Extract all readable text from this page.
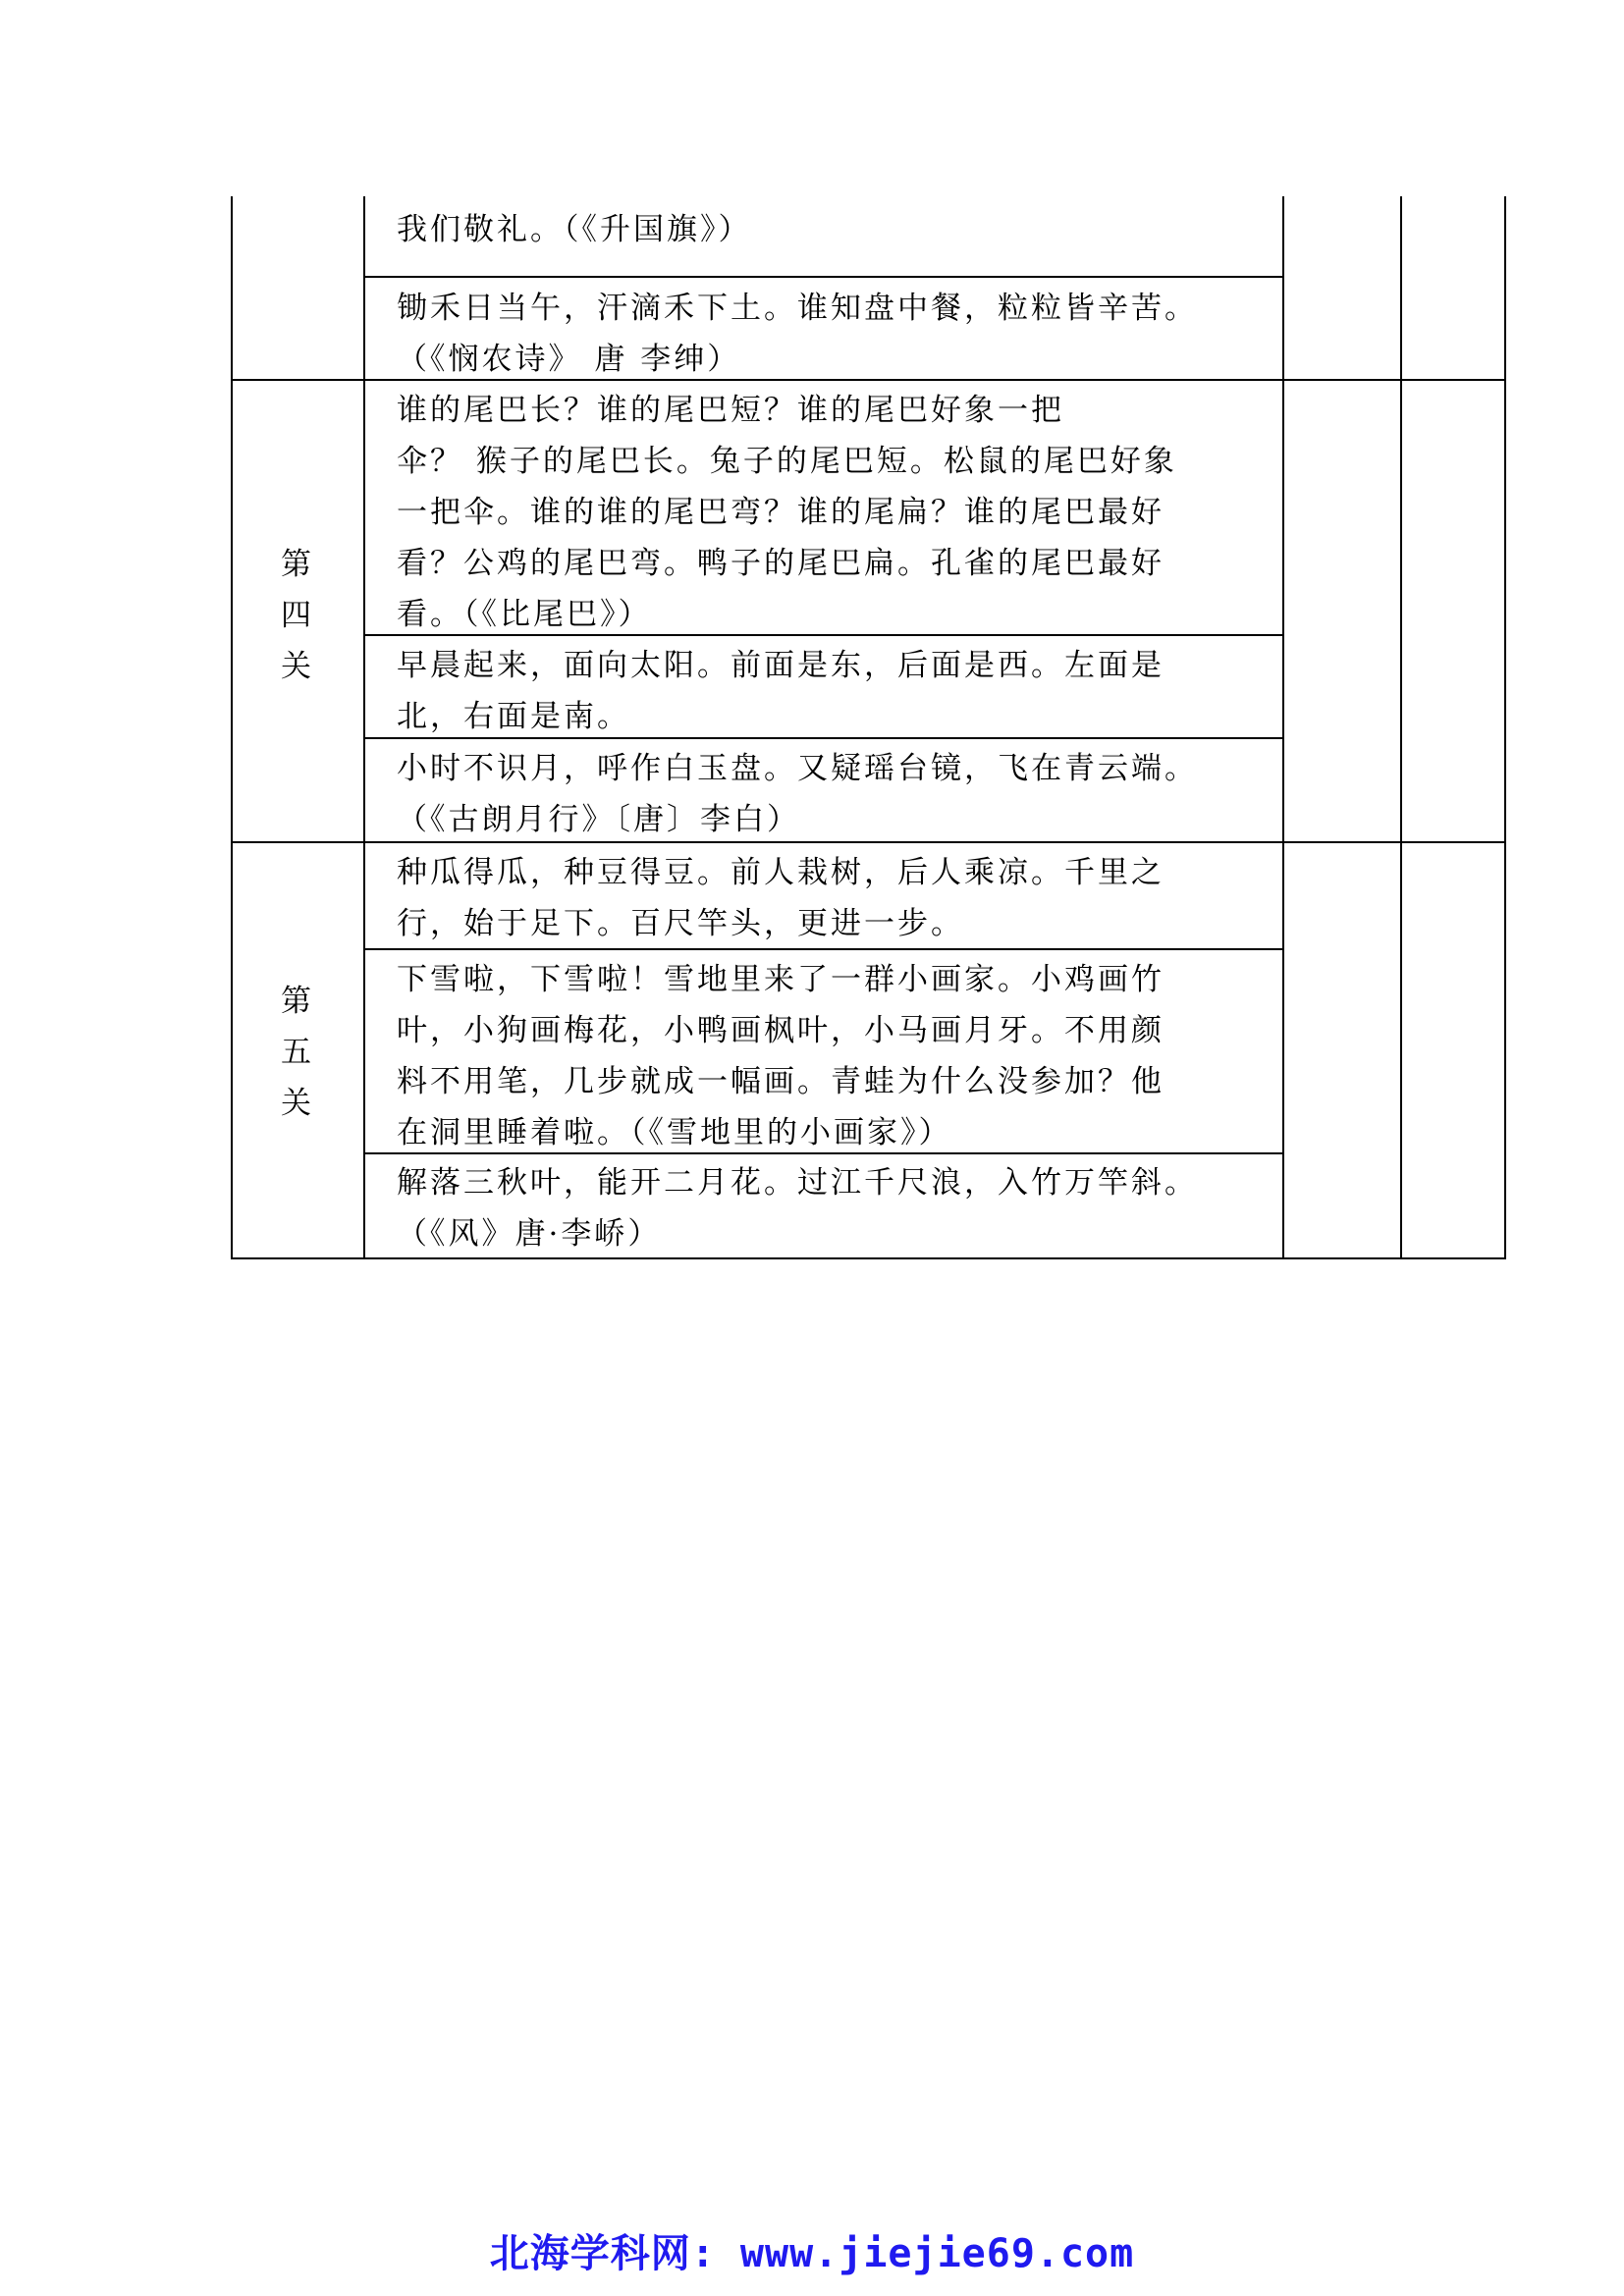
我们敬礼。（《升国旗》）
锄禾日当午，汗滴禾下土。谁知盘中餐，粒粒皆辛苦。
（《悯农诗》 唐 李绅）
第
四
关
谁的尾巴长？谁的尾巴短？谁的尾巴好象一把
伞？ 猴子的尾巴长。兔子的尾巴短。松鼠的尾巴好象
一把伞。谁的谁的尾巴弯？谁的尾扁？谁的尾巴最好
看？公鸡的尾巴弯。鸭子的尾巴扁。孔雀的尾巴最好
看。（《比尾巴》）
早晨起来，面向太阳。前面是东，后面是西。左面是
北，右面是南。
小时不识月，呼作白玉盘。又疑瑶台镜，飞在青云端。
（《古朗月行》〔唐〕李白）
第
五
关
种瓜得瓜，种豆得豆。前人栽树，后人乘凉。千里之
行，始于足下。百尺竿头，更进一步。
下雪啦，下雪啦！雪地里来了一群小画家。小鸡画竹
叶，小狗画梅花，小鸭画枫叶，小马画月牙。不用颜
料不用笔，几步就成一幅画。青蛙为什么没参加？他
在洞里睡着啦。（《雪地里的小画家》）
解落三秋叶，能开二月花。过江千尺浪，入竹万竿斜。
（《风》唐·李峤）
北海学科网: www.jiejie69.com
